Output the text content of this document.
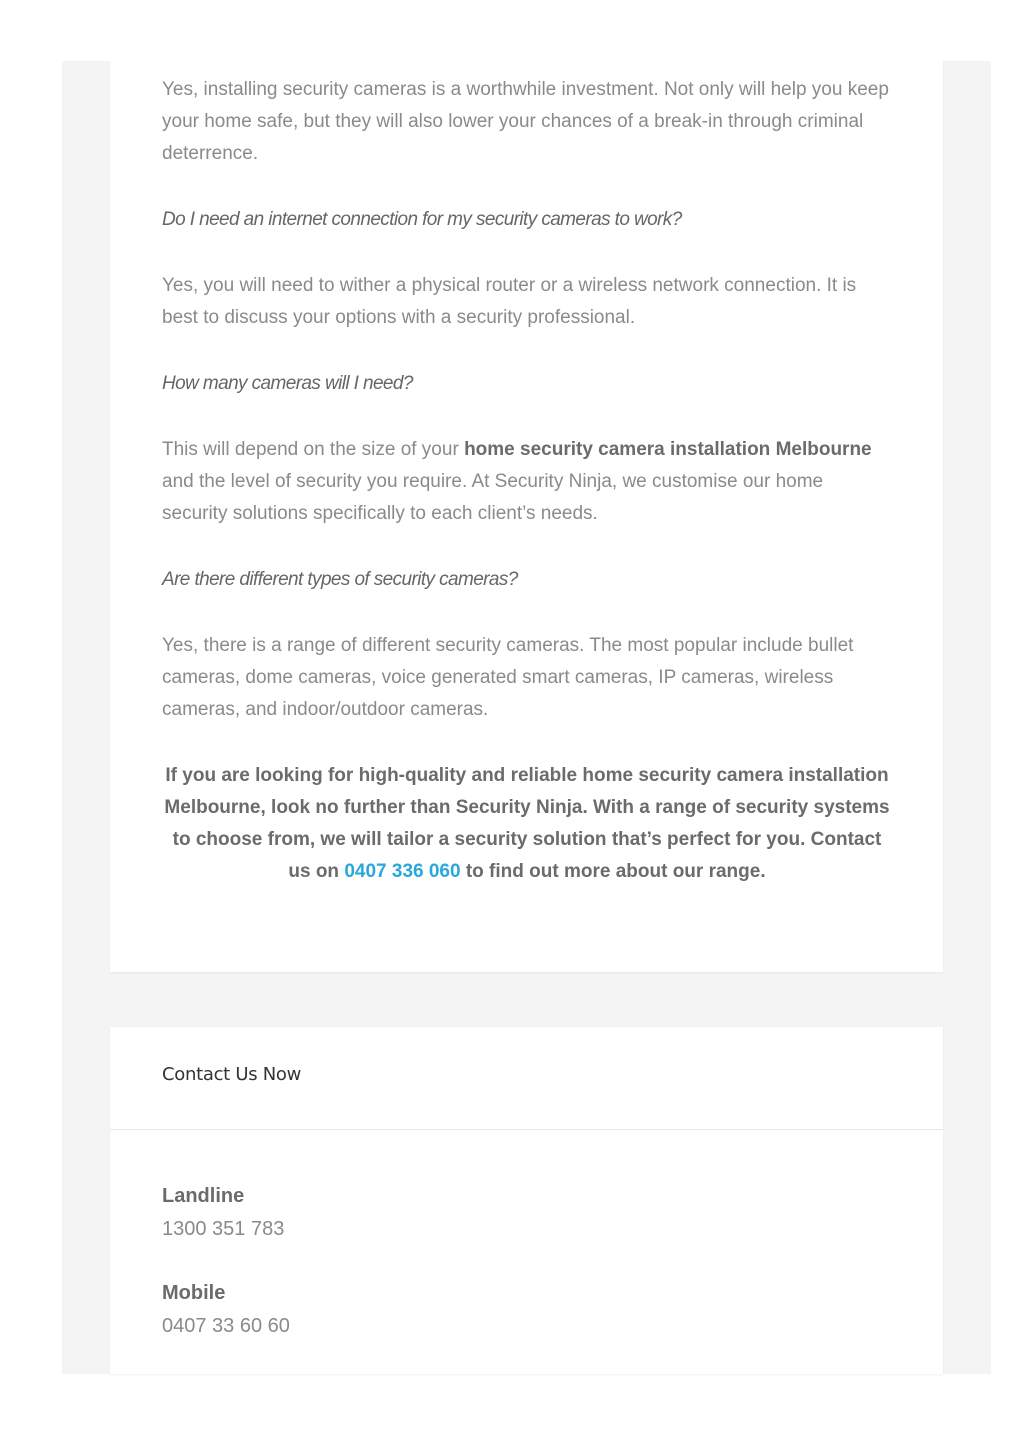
Yes, installing security cameras is a worthwhile investment. Not only will help you keep your home safe, but they will also lower your chances of a break-in through criminal deterrence.

Do I need an internet connection for my security cameras to work?

Yes, you will need to wither a physical router or a wireless network connection. It is best to discuss your options with a security professional.

How many cameras will I need?

This will depend on the size of your home security camera installation Melbourne and the level of security you require. At Security Ninja, we customise our home security solutions specifically to each client’s needs.

Are there different types of security cameras?

Yes, there is a range of different security cameras. The most popular include bullet cameras, dome cameras, voice generated smart cameras, IP cameras, wireless cameras, and indoor/outdoor cameras.

If you are looking for high-quality and reliable home security camera installation Melbourne, look no further than Security Ninja. With a range of security systems to choose from, we will tailor a security solution that’s perfect for you. Contact us on 0407 336 060 to find out more about our range.

Contact Us Now

Landline

1300 351 783

Mobile

0407 33 60 60
